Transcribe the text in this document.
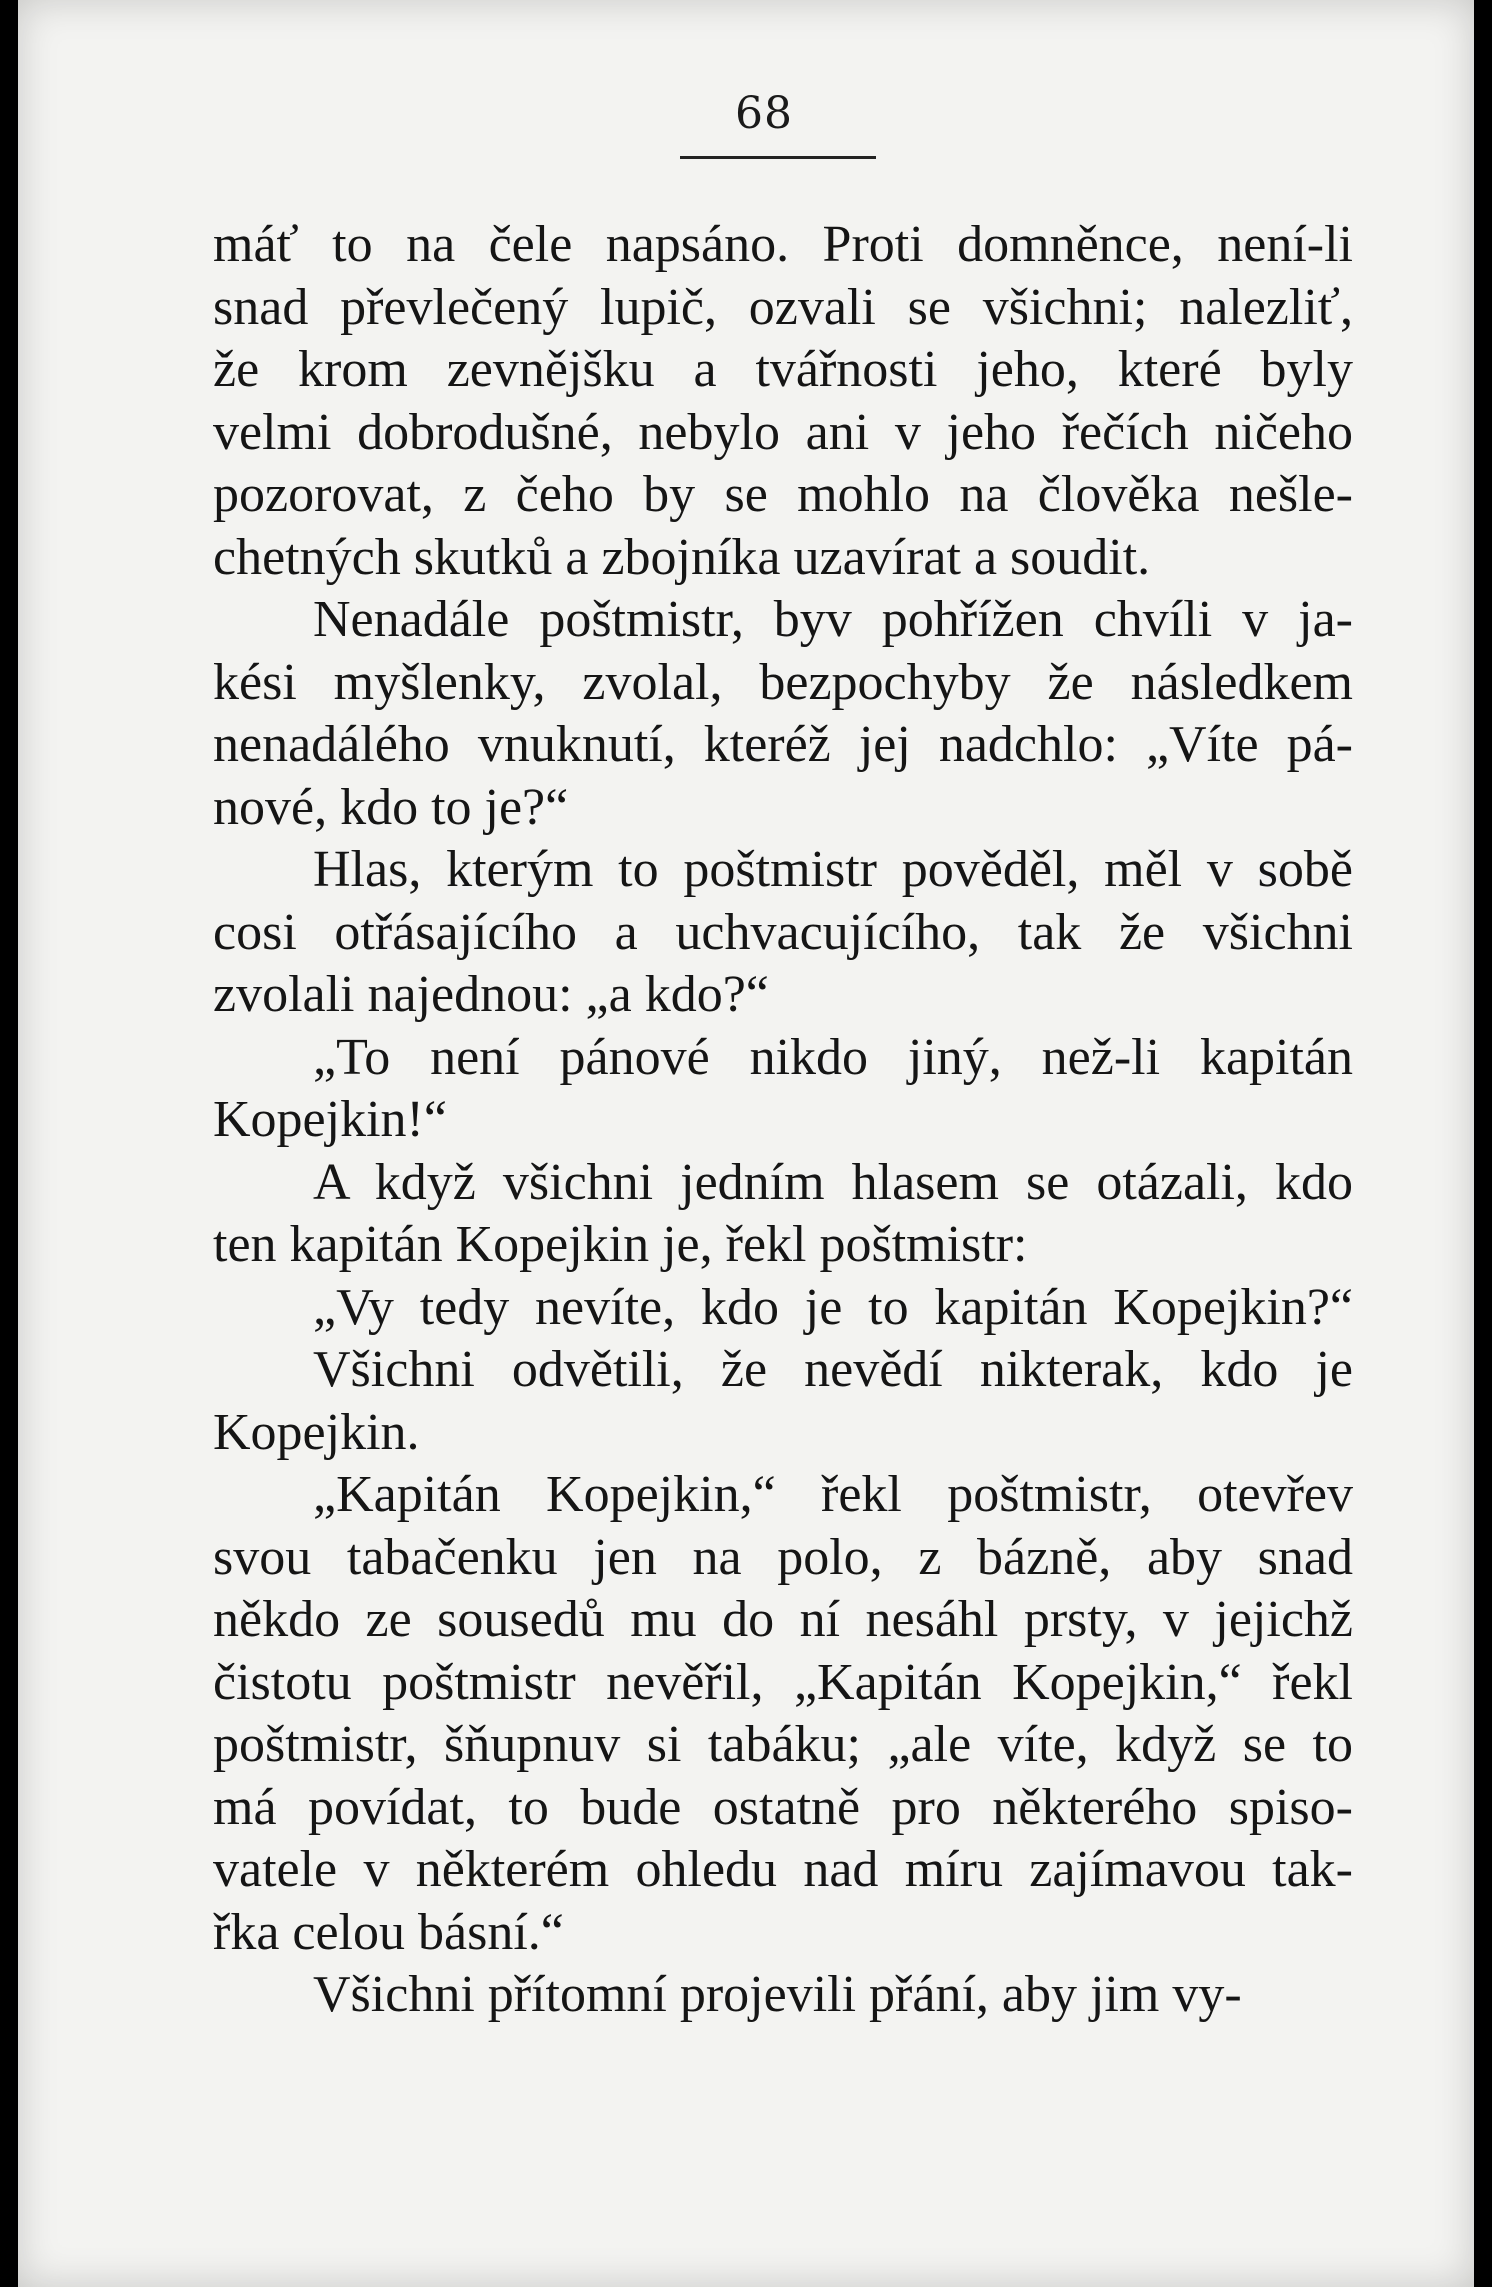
68
máť to na čele napsáno. Proti domněnce, není-li
snad převlečený lupič, ozvali se všichni; nalezliť,
že krom zevnějšku a tvářnosti jeho, které byly
velmi dobrodušné, nebylo ani v jeho řečích ničeho
pozorovat, z čeho by se mohlo na člověka nešle-
chetných skutků a zbojníka uzavírat a soudit.
Nenadále poštmistr, byv pohřížen chvíli v ja-
kési myšlenky, zvolal, bezpochyby že následkem
nenadálého vnuknutí, kteréž jej nadchlo: „Víte pá-
nové, kdo to je?“
Hlas, kterým to poštmistr pověděl, měl v sobě
cosi otřásajícího a uchvacujícího, tak že všichni
zvolali najednou: „a kdo?“
„To není pánové nikdo jiný, než-li kapitán
Kopejkin!“
A když všichni jedním hlasem se otázali, kdo
ten kapitán Kopejkin je, řekl poštmistr:
„Vy tedy nevíte, kdo je to kapitán Kopejkin?“
Všichni odvětili, že nevědí nikterak, kdo je
Kopejkin.
„Kapitán Kopejkin,“ řekl poštmistr, otevřev
svou tabačenku jen na polo, z bázně, aby snad
někdo ze sousedů mu do ní nesáhl prsty, v jejichž
čistotu poštmistr nevěřil, „Kapitán Kopejkin,“ řekl
poštmistr, šňupnuv si tabáku; „ale víte, když se to
má povídat, to bude ostatně pro některého spiso-
vatele v některém ohledu nad míru zajímavou tak-
řka celou básní.“
Všichni přítomní projevili přání, aby jim vy-
